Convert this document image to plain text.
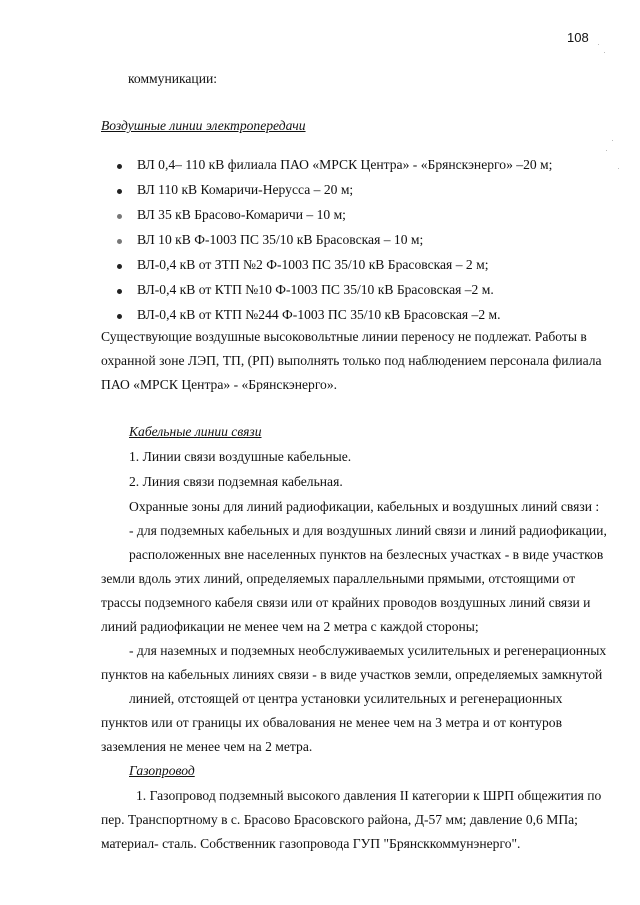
108
коммуникации:
Воздушные линии электропередачи
ВЛ 0,4– 110 кВ филиала ПАО «МРСК Центра» - «Брянскэнерго» –20 м;
ВЛ 110 кВ Комаричи-Нерусса – 20 м;
ВЛ 35 кВ Брасово-Комаричи – 10 м;
ВЛ 10 кВ Ф-1003 ПС 35/10 кВ Брасовская – 10 м;
ВЛ-0,4 кВ от ЗТП №2 Ф-1003 ПС 35/10 кВ Брасовская – 2 м;
ВЛ-0,4 кВ от КТП №10 Ф-1003 ПС 35/10 кВ Брасовская –2 м.
ВЛ-0,4 кВ от КТП №244 Ф-1003 ПС 35/10 кВ Брасовская –2 м.
Существующие воздушные высоковольтные линии переносу не подлежат. Работы в
охранной зоне ЛЭП, ТП, (РП) выполнять только под наблюдением персонала филиала
ПАО «МРСК Центра» - «Брянскэнерго».
Кабельные линии связи
1. Линии связи воздушные кабельные.
2. Линия связи подземная кабельная.
Охранные зоны для линий радиофикации, кабельных и воздушных линий связи :
- для подземных кабельных и для воздушных линий связи и линий радиофикации,
расположенных вне населенных пунктов на безлесных участках - в виде участков
земли вдоль этих линий, определяемых параллельными прямыми, отстоящими от
трассы подземного кабеля связи или от крайних проводов воздушных линий связи и
линий радиофикации не менее чем на 2 метра с каждой стороны;
- для наземных и подземных необслуживаемых усилительных и регенерационных
пунктов на кабельных линиях связи - в виде участков земли, определяемых замкнутой
линией, отстоящей от центра установки усилительных и регенерационных
пунктов или от границы их обвалования не менее чем на 3 метра и от контуров
заземления не менее чем на 2 метра.
Газопровод
1. Газопровод подземный высокого давления II категории к ШРП общежития по
пер. Транспортному в с. Брасово Брасовского района, Д-57 мм; давление 0,6 МПа;
материал- сталь. Собственник газопровода ГУП "Брянсккоммунэнерго".
